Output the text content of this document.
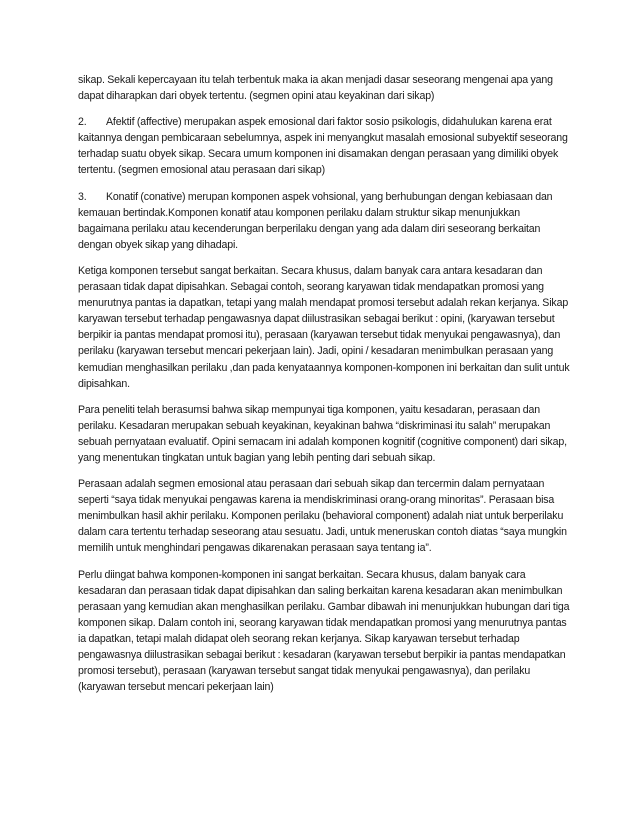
sikap. Sekali kepercayaan itu telah terbentuk maka ia akan menjadi dasar seseorang mengenai apa yang dapat diharapkan dari obyek tertentu. (segmen opini atau keyakinan dari sikap)

2. Afektif (affective) merupakan aspek emosional dari faktor sosio psikologis, didahulukan karena erat kaitannya dengan pembicaraan sebelumnya, aspek ini menyangkut masalah emosional subyektif seseorang terhadap suatu obyek sikap. Secara umum komponen ini disamakan dengan perasaan yang dimiliki obyek tertentu. (segmen emosional atau perasaan dari sikap)

3. Konatif (conative) merupan komponen aspek vohsional, yang berhubungan dengan kebiasaan dan kemauan bertindak.Komponen konatif atau komponen perilaku dalam struktur sikap menunjukkan bagaimana perilaku atau kecenderungan berperilaku dengan yang ada dalam diri seseorang berkaitan dengan obyek sikap yang dihadapi.

Ketiga komponen tersebut sangat berkaitan. Secara khusus, dalam banyak cara antara kesadaran dan perasaan tidak dapat dipisahkan. Sebagai contoh, seorang karyawan tidak mendapatkan promosi yang menurutnya pantas ia dapatkan, tetapi yang malah mendapat promosi tersebut adalah rekan kerjanya. Sikap karyawan tersebut terhadap pengawasnya dapat diilustrasikan sebagai berikut : opini, (karyawan tersebut berpikir ia pantas mendapat promosi itu), perasaan (karyawan tersebut tidak menyukai pengawasnya), dan perilaku (karyawan tersebut mencari pekerjaan lain). Jadi, opini / kesadaran menimbulkan perasaan yang kemudian menghasilkan perilaku ,dan pada kenyataannya komponen-komponen ini berkaitan dan sulit untuk dipisahkan.

Para peneliti telah berasumsi bahwa sikap mempunyai tiga komponen, yaitu kesadaran, perasaan dan perilaku. Kesadaran merupakan sebuah keyakinan, keyakinan bahwa “diskriminasi itu salah” merupakan sebuah pernyataan evaluatif. Opini semacam ini adalah komponen kognitif (cognitive component) dari sikap, yang menentukan tingkatan untuk bagian yang lebih penting dari sebuah sikap.

Perasaan adalah segmen emosional atau perasaan dari sebuah sikap dan tercermin dalam pernyataan seperti “saya tidak menyukai pengawas karena ia mendiskriminasi orang-orang minoritas”. Perasaan bisa menimbulkan hasil akhir perilaku. Komponen perilaku (behavioral component) adalah niat untuk berperilaku dalam cara tertentu terhadap seseorang atau sesuatu. Jadi, untuk meneruskan contoh diatas “saya mungkin memilih untuk menghindari pengawas dikarenakan perasaan saya tentang ia”.

Perlu diingat bahwa komponen-komponen ini sangat berkaitan. Secara khusus, dalam banyak cara kesadaran dan perasaan tidak dapat dipisahkan dan saling berkaitan karena kesadaran akan menimbulkan perasaan yang kemudian akan menghasilkan perilaku. Gambar dibawah ini menunjukkan hubungan dari tiga komponen sikap. Dalam contoh ini, seorang karyawan tidak mendapatkan promosi yang menurutnya pantas ia dapatkan, tetapi malah didapat oleh seorang rekan kerjanya. Sikap karyawan tersebut terhadap pengawasnya diilustrasikan sebagai berikut : kesadaran (karyawan tersebut berpikir ia pantas mendapatkan promosi tersebut), perasaan (karyawan tersebut sangat tidak menyukai pengawasnya), dan perilaku (karyawan tersebut mencari pekerjaan lain)
